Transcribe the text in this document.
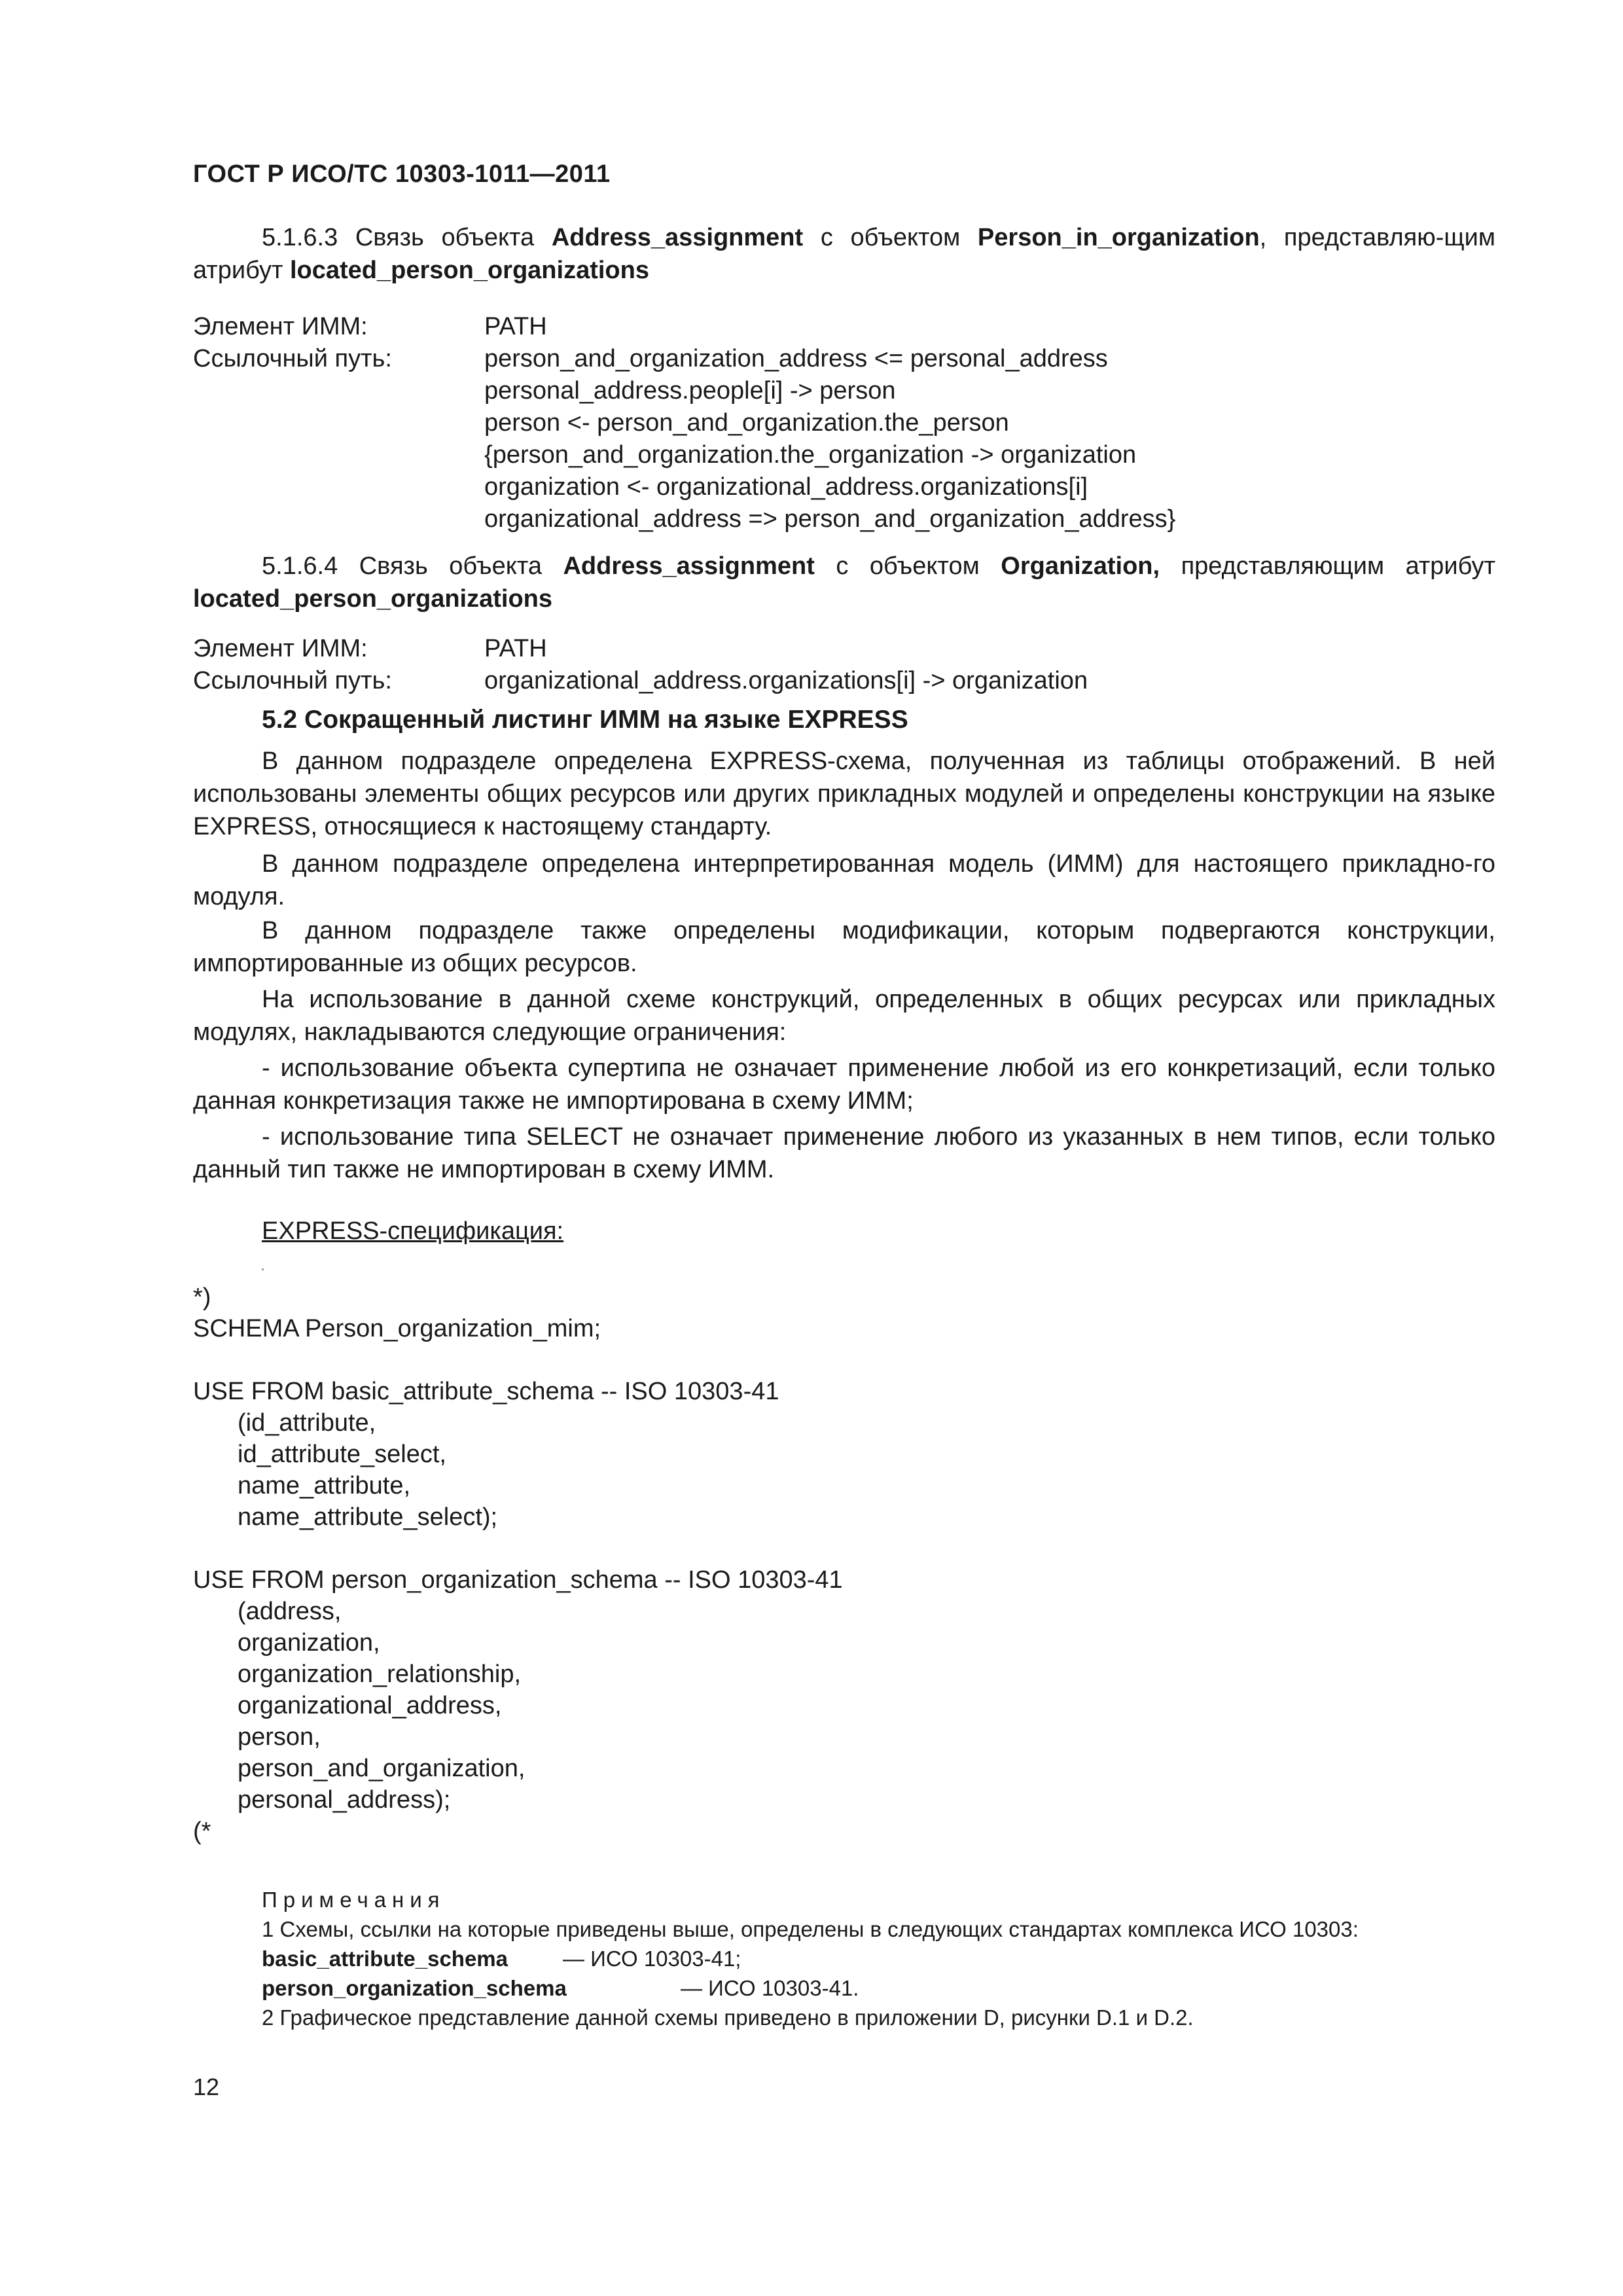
ГОСТ Р ИСО/ТС 10303-1011—2011
5.1.6.3 Связь объекта Address_assignment с объектом Person_in_organization, представляю-щим атрибут located_person_organizations
Элемент ИММ:	PATH
Ссылочный путь:	person_and_organization_address <= personal_address
personal_address.people[i] -> person
person <- person_and_organization.the_person
{person_and_organization.the_organization -> organization
organization <- organizational_address.organizations[i]
organizational_address => person_and_organization_address}
5.1.6.4 Связь объекта Address_assignment с объектом Organization, представляющим атрибут located_person_organizations
Элемент ИММ:	PATH
Ссылочный путь:	organizational_address.organizations[i] -> organization
5.2 Сокращенный листинг ИММ на языке EXPRESS
В данном подразделе определена EXPRESS-схема, полученная из таблицы отображений. В ней использованы элементы общих ресурсов или других прикладных модулей и определены конструкции на языке EXPRESS, относящиеся к настоящему стандарту.
В данном подразделе определена интерпретированная модель (ИММ) для настоящего прикладно-го модуля.
В данном подразделе также определены модификации, которым подвергаются конструкции, импортированные из общих ресурсов.
На использование в данной схеме конструкций, определенных в общих ресурсах или прикладных модулях, накладываются следующие ограничения:
- использование объекта супертипа не означает применение любой из его конкретизаций, если только данная конкретизация также не импортирована в схему ИММ;
- использование типа SELECT не означает применение любого из указанных в нем типов, если только данный тип также не импортирован в схему ИММ.
EXPRESS-спецификация:
*)
SCHEMA Person_organization_mim;
USE FROM basic_attribute_schema -- ISO 10303-41
(id_attribute,
id_attribute_select,
name_attribute,
name_attribute_select);
USE FROM person_organization_schema -- ISO 10303-41
(address,
organization,
organization_relationship,
organizational_address,
person,
person_and_organization,
personal_address);
(*
Примечания
1 Схемы, ссылки на которые приведены выше, определены в следующих стандартах комплекса ИСО 10303:
basic_attribute_schema	— ИСО 10303-41;
person_organization_schema	— ИСО 10303-41.
2 Графическое представление данной схемы приведено в приложении D, рисунки D.1 и D.2.
12
